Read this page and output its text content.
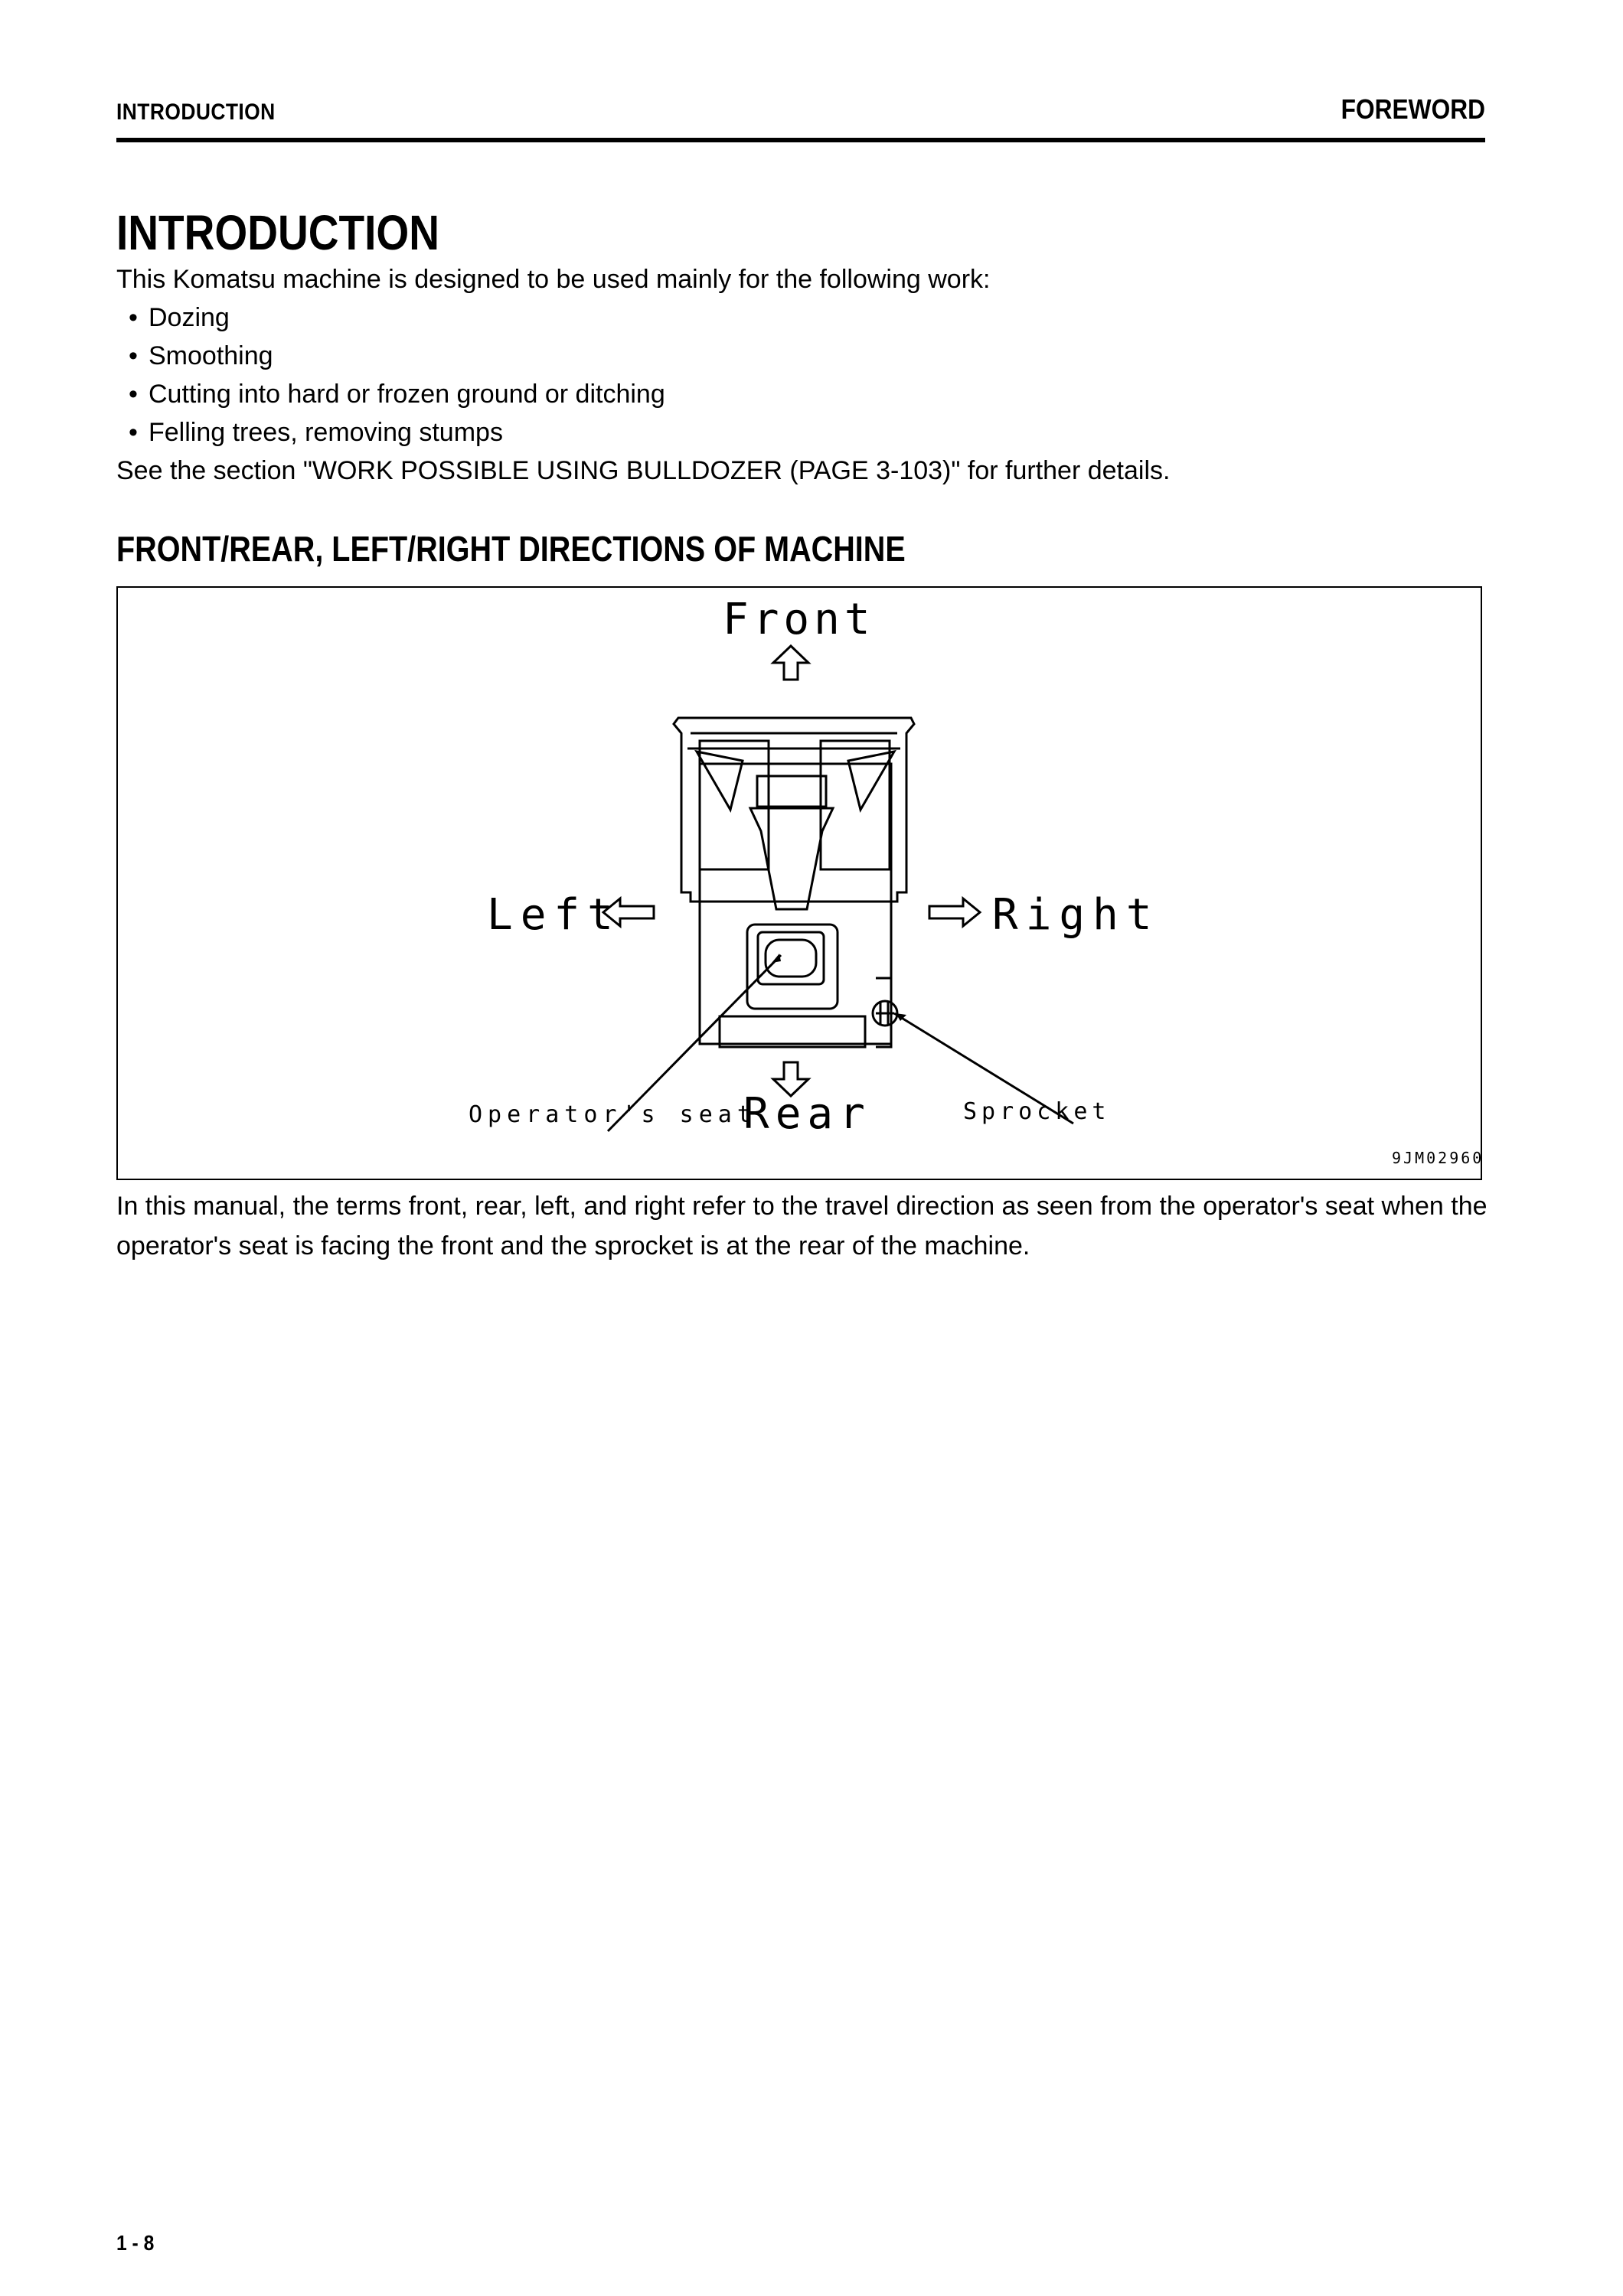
INTRODUCTION	FOREWORD
INTRODUCTION

This Komatsu machine is designed to be used mainly for the following work:

• Dozing
• Smoothing
• Cutting into hard or frozen ground or ditching
• Felling trees, removing stumps

See the section "WORK POSSIBLE USING BULLDOZER (PAGE 3-103)" for further details.

FRONT/REAR, LEFT/RIGHT DIRECTIONS OF MACHINE
Front
Rear
Left	Right
Operator's seat	Sprocket
9JM02960

In this manual, the terms front, rear, left, and right refer to the travel direction as seen from the operator's seat when the operator's seat is facing the front and the sprocket is at the rear of the machine.

1 - 8
